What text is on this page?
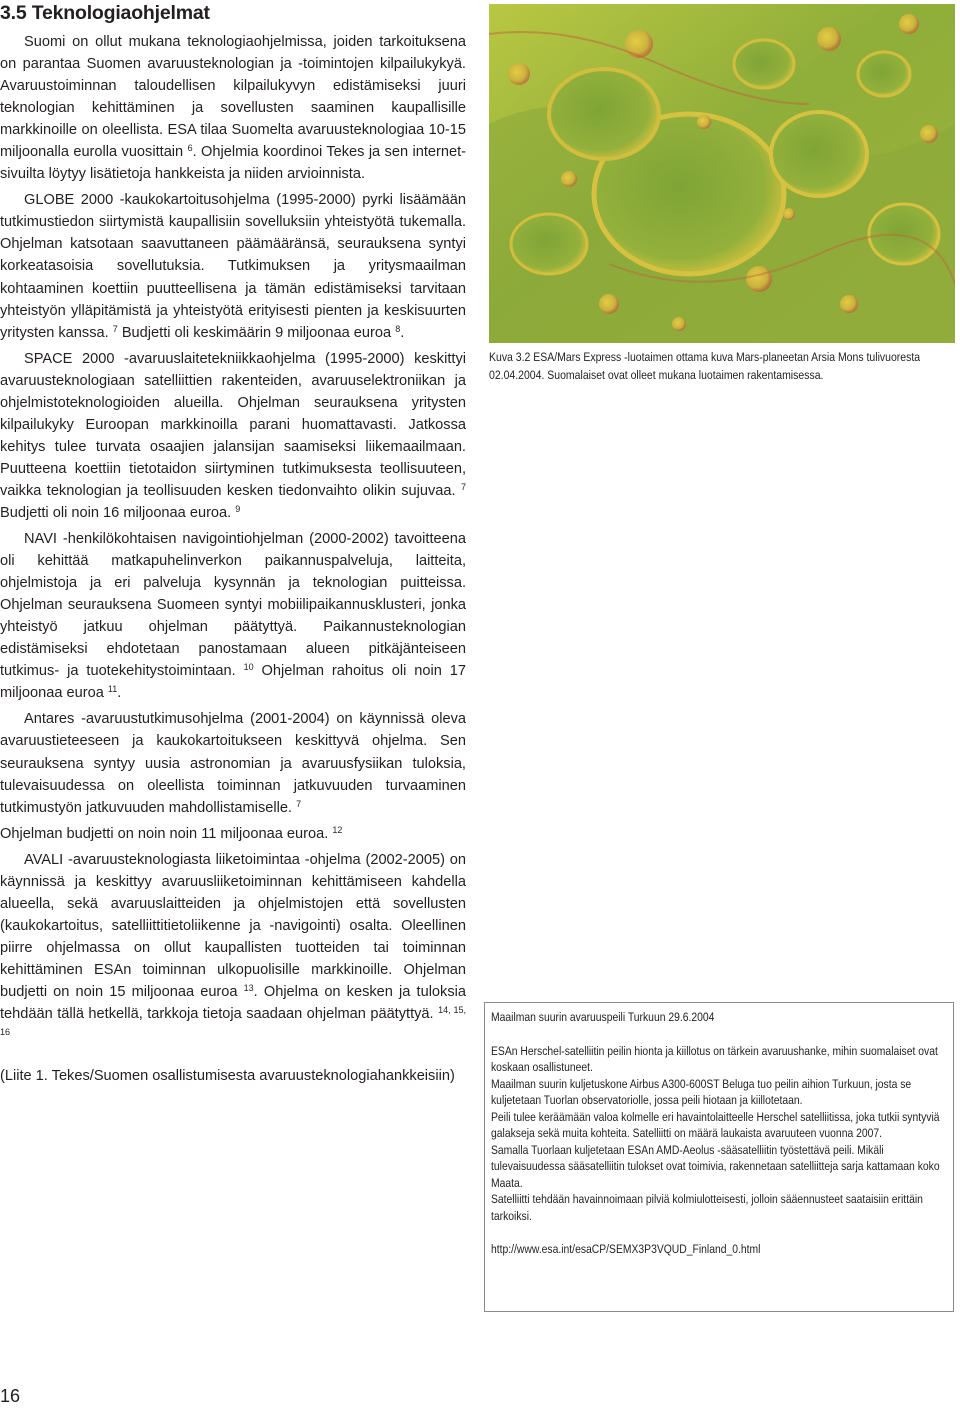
3.5 Teknologiaohjelmat

Suomi on ollut mukana teknologiaohjelmissa, joiden tarkoituksena on parantaa Suomen avaruusteknologian ja -toimintojen kilpailukykyä. Avaruustoiminnan taloudellisen kilpailukyvyn edistämiseksi juuri teknologian kehittäminen ja sovellusten saaminen kaupallisille markkinoille on oleellista. ESA tilaa Suomelta avaruusteknologiaa 10-15 miljoonalla eurolla vuosittain $^6$. Ohjelmia koordinoi Tekes ja sen internet-sivuilta löytyy lisätietoja hankkeista ja niiden arvioinnista.

GLOBE 2000 -kaukokartoitusohjelma (1995-2000) pyrki lisäämään tutkimustiedon siirtymistä kaupallisiin sovelluksiin yhteistyötä tukemalla. Ohjelman katsotaan saavuttaneen päämääränsä, seurauksena syntyi korkeatasoisia sovellutuksia. Tutkimuksen ja yritysmaailman kohtaaminen koettiin puutteellisena ja tämän edistämiseksi tarvitaan yhteistyön ylläpitämistä ja yhteistyötä erityisesti pienten ja keskisuurten yritysten kanssa. $^7$ Budjetti oli keskimäärin 9 miljoonaa euroa $^8$.

SPACE 2000 -avaruuslaitetekniikkaohjelma (1995-2000) keskittyi avaruusteknologiaan satelliittien rakenteiden, avaruuselektroniikan ja ohjelmistoteknologioiden alueilla. Ohjelman seurauksena yritysten kilpailukyky Euroopan markkinoilla parani huomattavasti. Jatkossa kehitys tulee turvata osaajien jalansijan saamiseksi liikemaailmaan. Puutteena koettiin tietotaidon siirtyminen tutkimuksesta teollisuuteen, vaikka teknologian ja teollisuuden kesken tiedonvaihto olikin sujuvaa. $^7$ Budjetti oli noin 16 miljoonaa euroa. $^9$

NAVI -henkilökohtaisen navigointiohjelman (2000-2002) tavoitteena oli kehittää matkapuhelinverkon paikannuspalveluja, laitteita, ohjelmistoja ja eri palveluja kysynnän ja teknologian puitteissa. Ohjelman seurauksena Suomeen syntyi mobiilipaikannusklusteri, jonka yhteistyö jatkuu ohjelman päätyttyä. Paikannusteknologian edistämiseksi ehdotetaan panostamaan alueen pitkäjänteiseen tutkimus- ja tuotekehitystoimintaan. $^{10}$ Ohjelman rahoitus oli noin 17 miljoonaa euroa $^{11}$.

Antares -avaruustutkimusohjelma (2001-2004) on käynnissä oleva avaruustieteeseen ja kaukokartoitukseen keskittyvä ohjelma. Sen seurauksena syntyy uusia astronomian ja avaruusfysiikan tuloksia, tulevaisuudessa on oleellista toiminnan jatkuvuuden turvaaminen tutkimustyön jatkuvuuden mahdollistamiselle. $^7$

Ohjelman budjetti on noin noin 11 miljoonaa euroa. $^{12}$

AVALI -avaruusteknologiasta liiketoimintaa -ohjelma (2002-2005) on käynnissä ja keskittyy avaruusliiketoiminnan kehittämiseen kahdella alueella, sekä avaruuslaitteiden ja ohjelmistojen että sovellusten (kaukokartoitus, satelliittitietoliikenne ja -navigointi) osalta. Oleellinen piirre ohjelmassa on ollut kaupallisten tuotteiden tai toiminnan kehittäminen ESAn toiminnan ulkopuolisille markkinoille. Ohjelman budjetti on noin 15 miljoonaa euroa $^{13}$. Ohjelma on kesken ja tuloksia tehdään tällä hetkellä, tarkkoja tietoja saadaan ohjelman päätyttyä. $^{14, 15, 16}$

(Liite 1. Tekes/Suomen osallistumisesta avaruusteknologiahankkeisiin)

Kuva 3.2 ESA/Mars Express -luotaimen ottama kuva Mars-planeetan Arsia Mons tulivuoresta 02.04.2004. Suomalaiset ovat olleet mukana luotaimen rakentamisessa.

Maailman suurin avaruuspeili Turkuun 29.6.2004

ESAn Herschel-satelliitin peilin hionta ja kiillotus on tärkein avaruushanke, mihin suomalaiset ovat koskaan osallistuneet.

Maailman suurin kuljetuskone Airbus A300-600ST Beluga tuo peilin aihion Turkuun, josta se kuljetetaan Tuorlan observatoriolle, jossa peili hiotaan ja kiillotetaan.

Peili tulee keräämään valoa kolmelle eri havaintolaitteelle Herschel satelliitissa, joka tutkii syntyviä galakseja sekä muita kohteita. Satelliitti on määrä laukaista avaruuteen vuonna 2007.

Samalla Tuorlaan kuljetetaan ESAn AMD-Aeolus -sääsatelliitin työstettävä peili. Mikäli tulevaisuudessa sääsatelliitin tulokset ovat toimivia, rakennetaan satelliitteja sarja kattamaan koko Maata.

Satelliitti tehdään havainnoimaan pilviä kolmiulotteisesti, jolloin sääennusteet saataisiin erittäin tarkoiksi.

http://www.esa.int/esaCP/SEMX3P3VQUD_Finland_0.html

16
